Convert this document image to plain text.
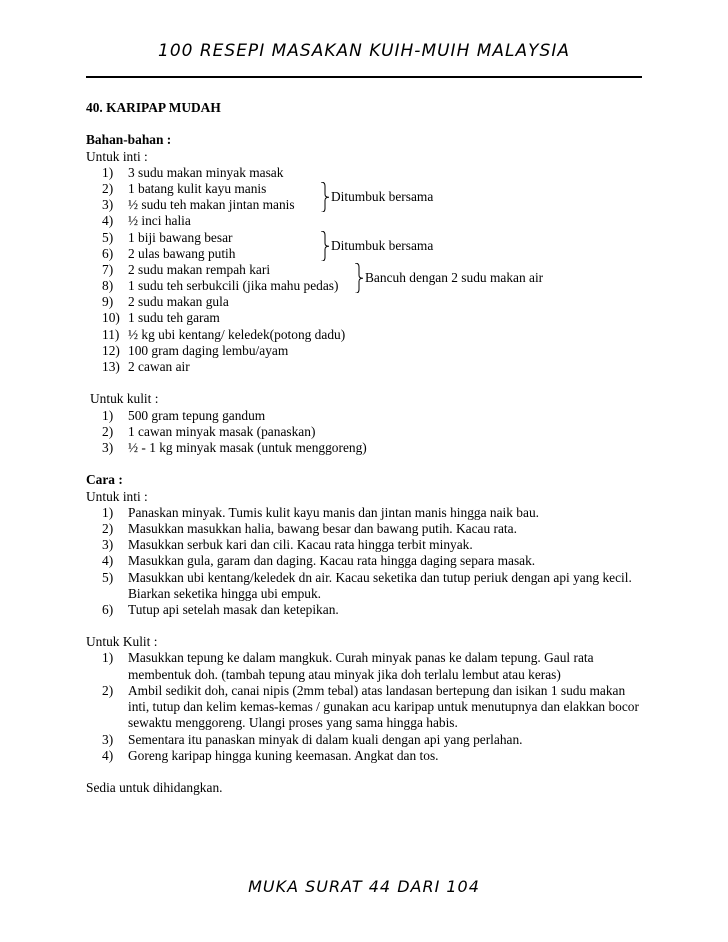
100 RESEPI MASAKAN KUIH-MUIH MALAYSIA
40. KARIPAP MUDAH
Bahan-bahan :
Untuk inti :
1) 3 sudu makan minyak masak
2) 1 batang kulit kayu manis
3) ½ sudu teh makan jintan manis
4) ½ inci halia
5) 1 biji bawang besar
6) 2 ulas bawang putih
7) 2 sudu makan rempah kari
8) 1 sudu teh serbukcili (jika mahu pedas)
9) 2 sudu makan gula
10) 1 sudu teh garam
11) ½ kg ubi kentang/ keledek(potong dadu)
12) 100 gram daging lembu/ayam
13) 2 cawan air
Ditumbuk bersama
Ditumbuk bersama
Bancuh dengan 2 sudu makan air
Untuk kulit :
1) 500 gram tepung gandum
2) 1 cawan minyak masak (panaskan)
3) ½ - 1 kg minyak masak (untuk menggoreng)
Cara :
Untuk inti :
1) Panaskan minyak. Tumis kulit kayu manis dan jintan manis hingga naik bau.
2) Masukkan masukkan halia, bawang besar dan bawang putih. Kacau rata.
3) Masukkan serbuk kari dan cili. Kacau rata hingga terbit minyak.
4) Masukkan gula, garam dan daging. Kacau rata hingga daging separa masak.
5) Masukkan ubi kentang/keledek dn air. Kacau seketika dan tutup periuk dengan api yang kecil. Biarkan seketika hingga ubi empuk.
6) Tutup api setelah masak dan ketepikan.
Untuk Kulit :
1) Masukkan tepung ke dalam mangkuk. Curah minyak panas ke dalam tepung. Gaul rata membentuk doh. (tambah tepung atau minyak jika doh terlalu lembut atau keras)
2) Ambil sedikit doh, canai nipis (2mm tebal) atas landasan bertepung dan isikan 1 sudu makan inti, tutup dan kelim kemas-kemas / gunakan acu karipap untuk menutupnya dan elakkan bocor sewaktu menggoreng. Ulangi proses yang sama hingga habis.
3) Sementara itu panaskan minyak di dalam kuali dengan api yang perlahan.
4) Goreng karipap hingga kuning keemasan. Angkat dan tos.
Sedia untuk dihidangkan.
MUKA SURAT 44 DARI 104
